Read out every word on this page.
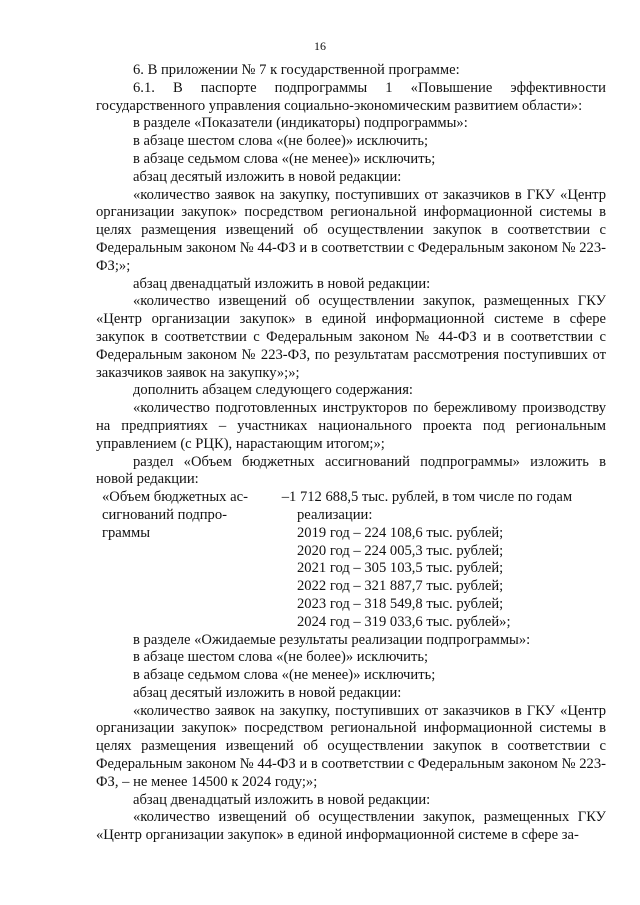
16

6. В приложении № 7 к государственной программе:

6.1. В паспорте подпрограммы 1 «Повышение эффективности государственного управления социально-экономическим развитием области»:

в разделе «Показатели (индикаторы) подпрограммы»:

в абзаце шестом слова «(не более)» исключить;

в абзаце седьмом слова «(не менее)» исключить;

абзац десятый изложить в новой редакции:

«количество заявок на закупку, поступивших от заказчиков в ГКУ «Центр организации закупок» посредством региональной информационной системы в целях размещения извещений об осуществлении закупок в соответствии с Федеральным законом № 44-ФЗ и в соответствии с Федеральным законом № 223-ФЗ;»;

абзац двенадцатый изложить в новой редакции:

«количество извещений об осуществлении закупок, размещенных ГКУ «Центр организации закупок» в единой информационной системе в сфере закупок в соответствии с Федеральным законом № 44-ФЗ и в соответствии с Федеральным законом № 223-ФЗ, по результатам рассмотрения поступивших от заказчиков заявок на закупку»;»;

дополнить абзацем следующего содержания:

«количество подготовленных инструкторов по бережливому производству на предприятиях – участниках национального проекта под региональным управлением (с РЦК), нарастающим итогом;»;

раздел «Объем бюджетных ассигнований подпрограммы» изложить в новой редакции:

«Объем бюджетных ас- –
сигнований подпро-
граммы
1 712 688,5 тыс. рублей, в том числе по годам
реализации:
2019 год – 224 108,6 тыс. рублей;
2020 год – 224 005,3 тыс. рублей;
2021 год – 305 103,5 тыс. рублей;
2022 год – 321 887,7 тыс. рублей;
2023 год – 318 549,8 тыс. рублей;
2024 год – 319 033,6 тыс. рублей»;

в разделе «Ожидаемые результаты реализации подпрограммы»:

в абзаце шестом слова «(не более)» исключить;

в абзаце седьмом слова «(не менее)» исключить;

абзац десятый изложить в новой редакции:

«количество заявок на закупку, поступивших от заказчиков в ГКУ «Центр организации закупок» посредством региональной информационной системы в целях размещения извещений об осуществлении закупок в соответствии с Федеральным законом № 44-ФЗ и в соответствии с Федеральным законом № 223-ФЗ, – не менее 14500 к 2024 году;»;

абзац двенадцатый изложить в новой редакции:

«количество извещений об осуществлении закупок, размещенных ГКУ «Центр организации закупок» в единой информационной системе в сфере за-
